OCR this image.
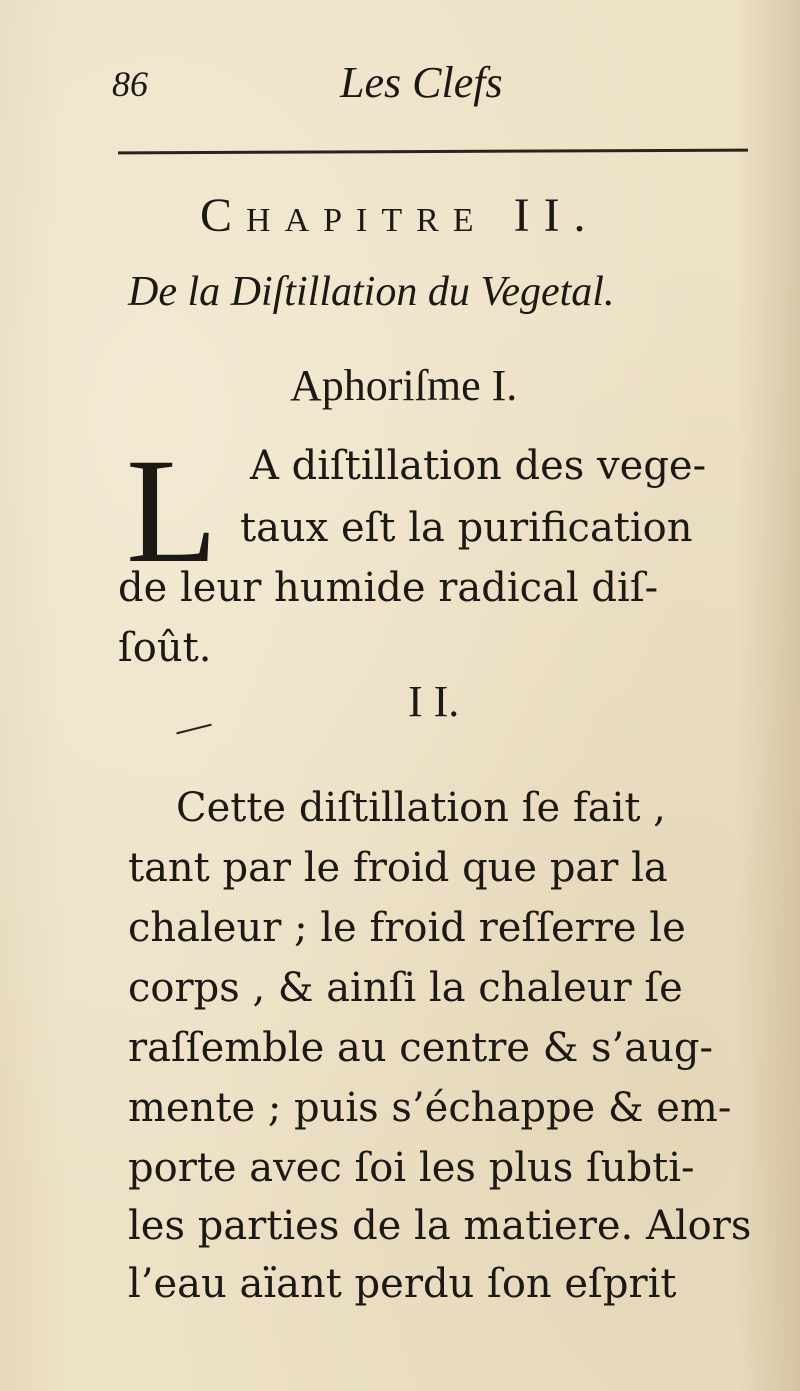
86	Les Clefs
CHAPITRE II.
De la Diſtillation du Vegetal.
Aphoriſme I.
L A diſtillation des vege-
taux eſt la purification
de leur humide radical diſ-
ſoût.
I I.
Cette diſtillation ſe fait ,
tant par le froid que par la
chaleur ; le froid reſſerre le
corps , & ainſi la chaleur ſe
raſſemble au centre & s’aug-
mente ; puis s’échappe & em-
porte avec ſoi les plus ſubti-
les parties de la matiere. Alors
l’eau aïant perdu ſon eſprit
